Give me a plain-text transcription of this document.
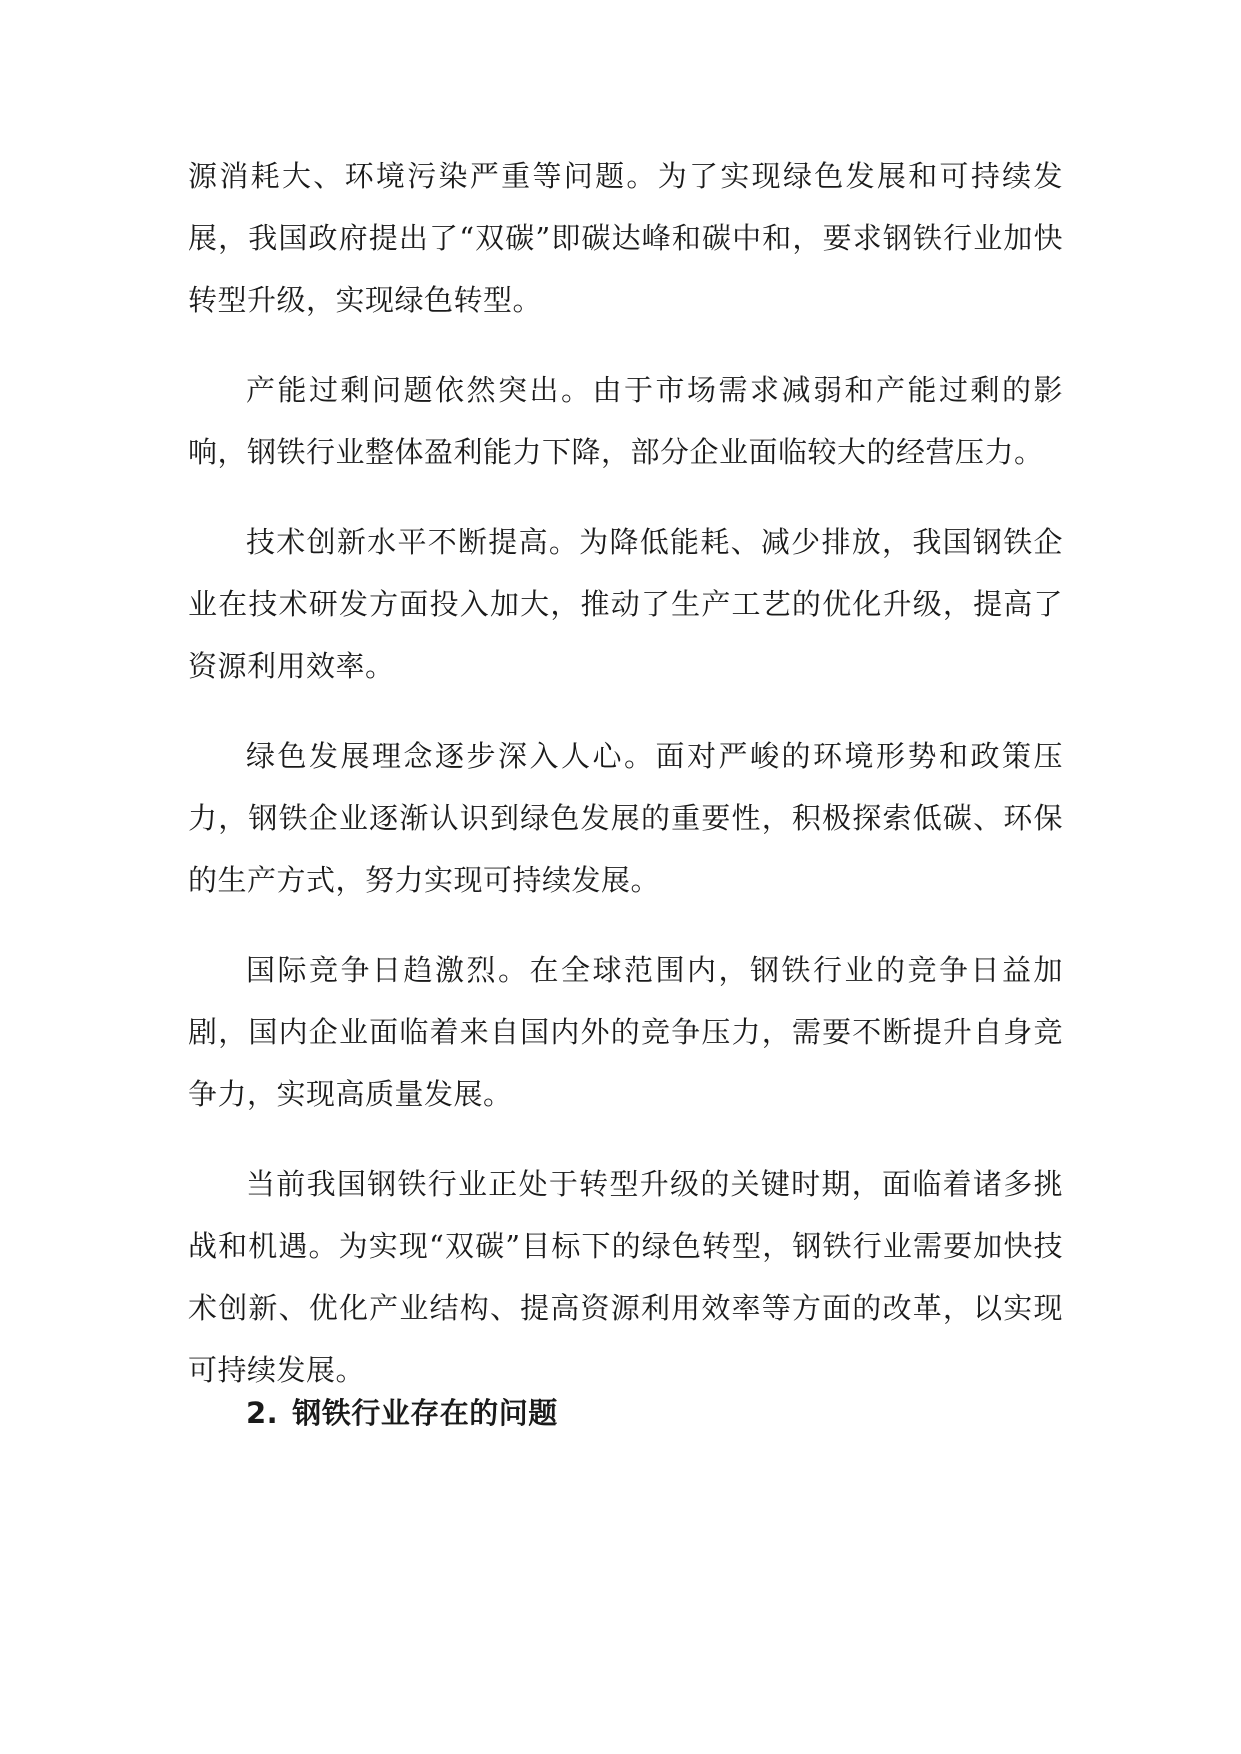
源消耗大、环境污染严重等问题。为了实现绿色发展和可持续发展，我国政府提出了“双碳”即碳达峰和碳中和，要求钢铁行业加快转型升级，实现绿色转型。

产能过剩问题依然突出。由于市场需求减弱和产能过剩的影响，钢铁行业整体盈利能力下降，部分企业面临较大的经营压力。

技术创新水平不断提高。为降低能耗、减少排放，我国钢铁企业在技术研发方面投入加大，推动了生产工艺的优化升级，提高了资源利用效率。

绿色发展理念逐步深入人心。面对严峻的环境形势和政策压力，钢铁企业逐渐认识到绿色发展的重要性，积极探索低碳、环保的生产方式，努力实现可持续发展。

国际竞争日趋激烈。在全球范围内，钢铁行业的竞争日益加剧，国内企业面临着来自国内外的竞争压力，需要不断提升自身竞争力，实现高质量发展。

当前我国钢铁行业正处于转型升级的关键时期，面临着诸多挑战和机遇。为实现“双碳”目标下的绿色转型，钢铁行业需要加快技术创新、优化产业结构、提高资源利用效率等方面的改革，以实现可持续发展。

2. 钢铁行业存在的问题
